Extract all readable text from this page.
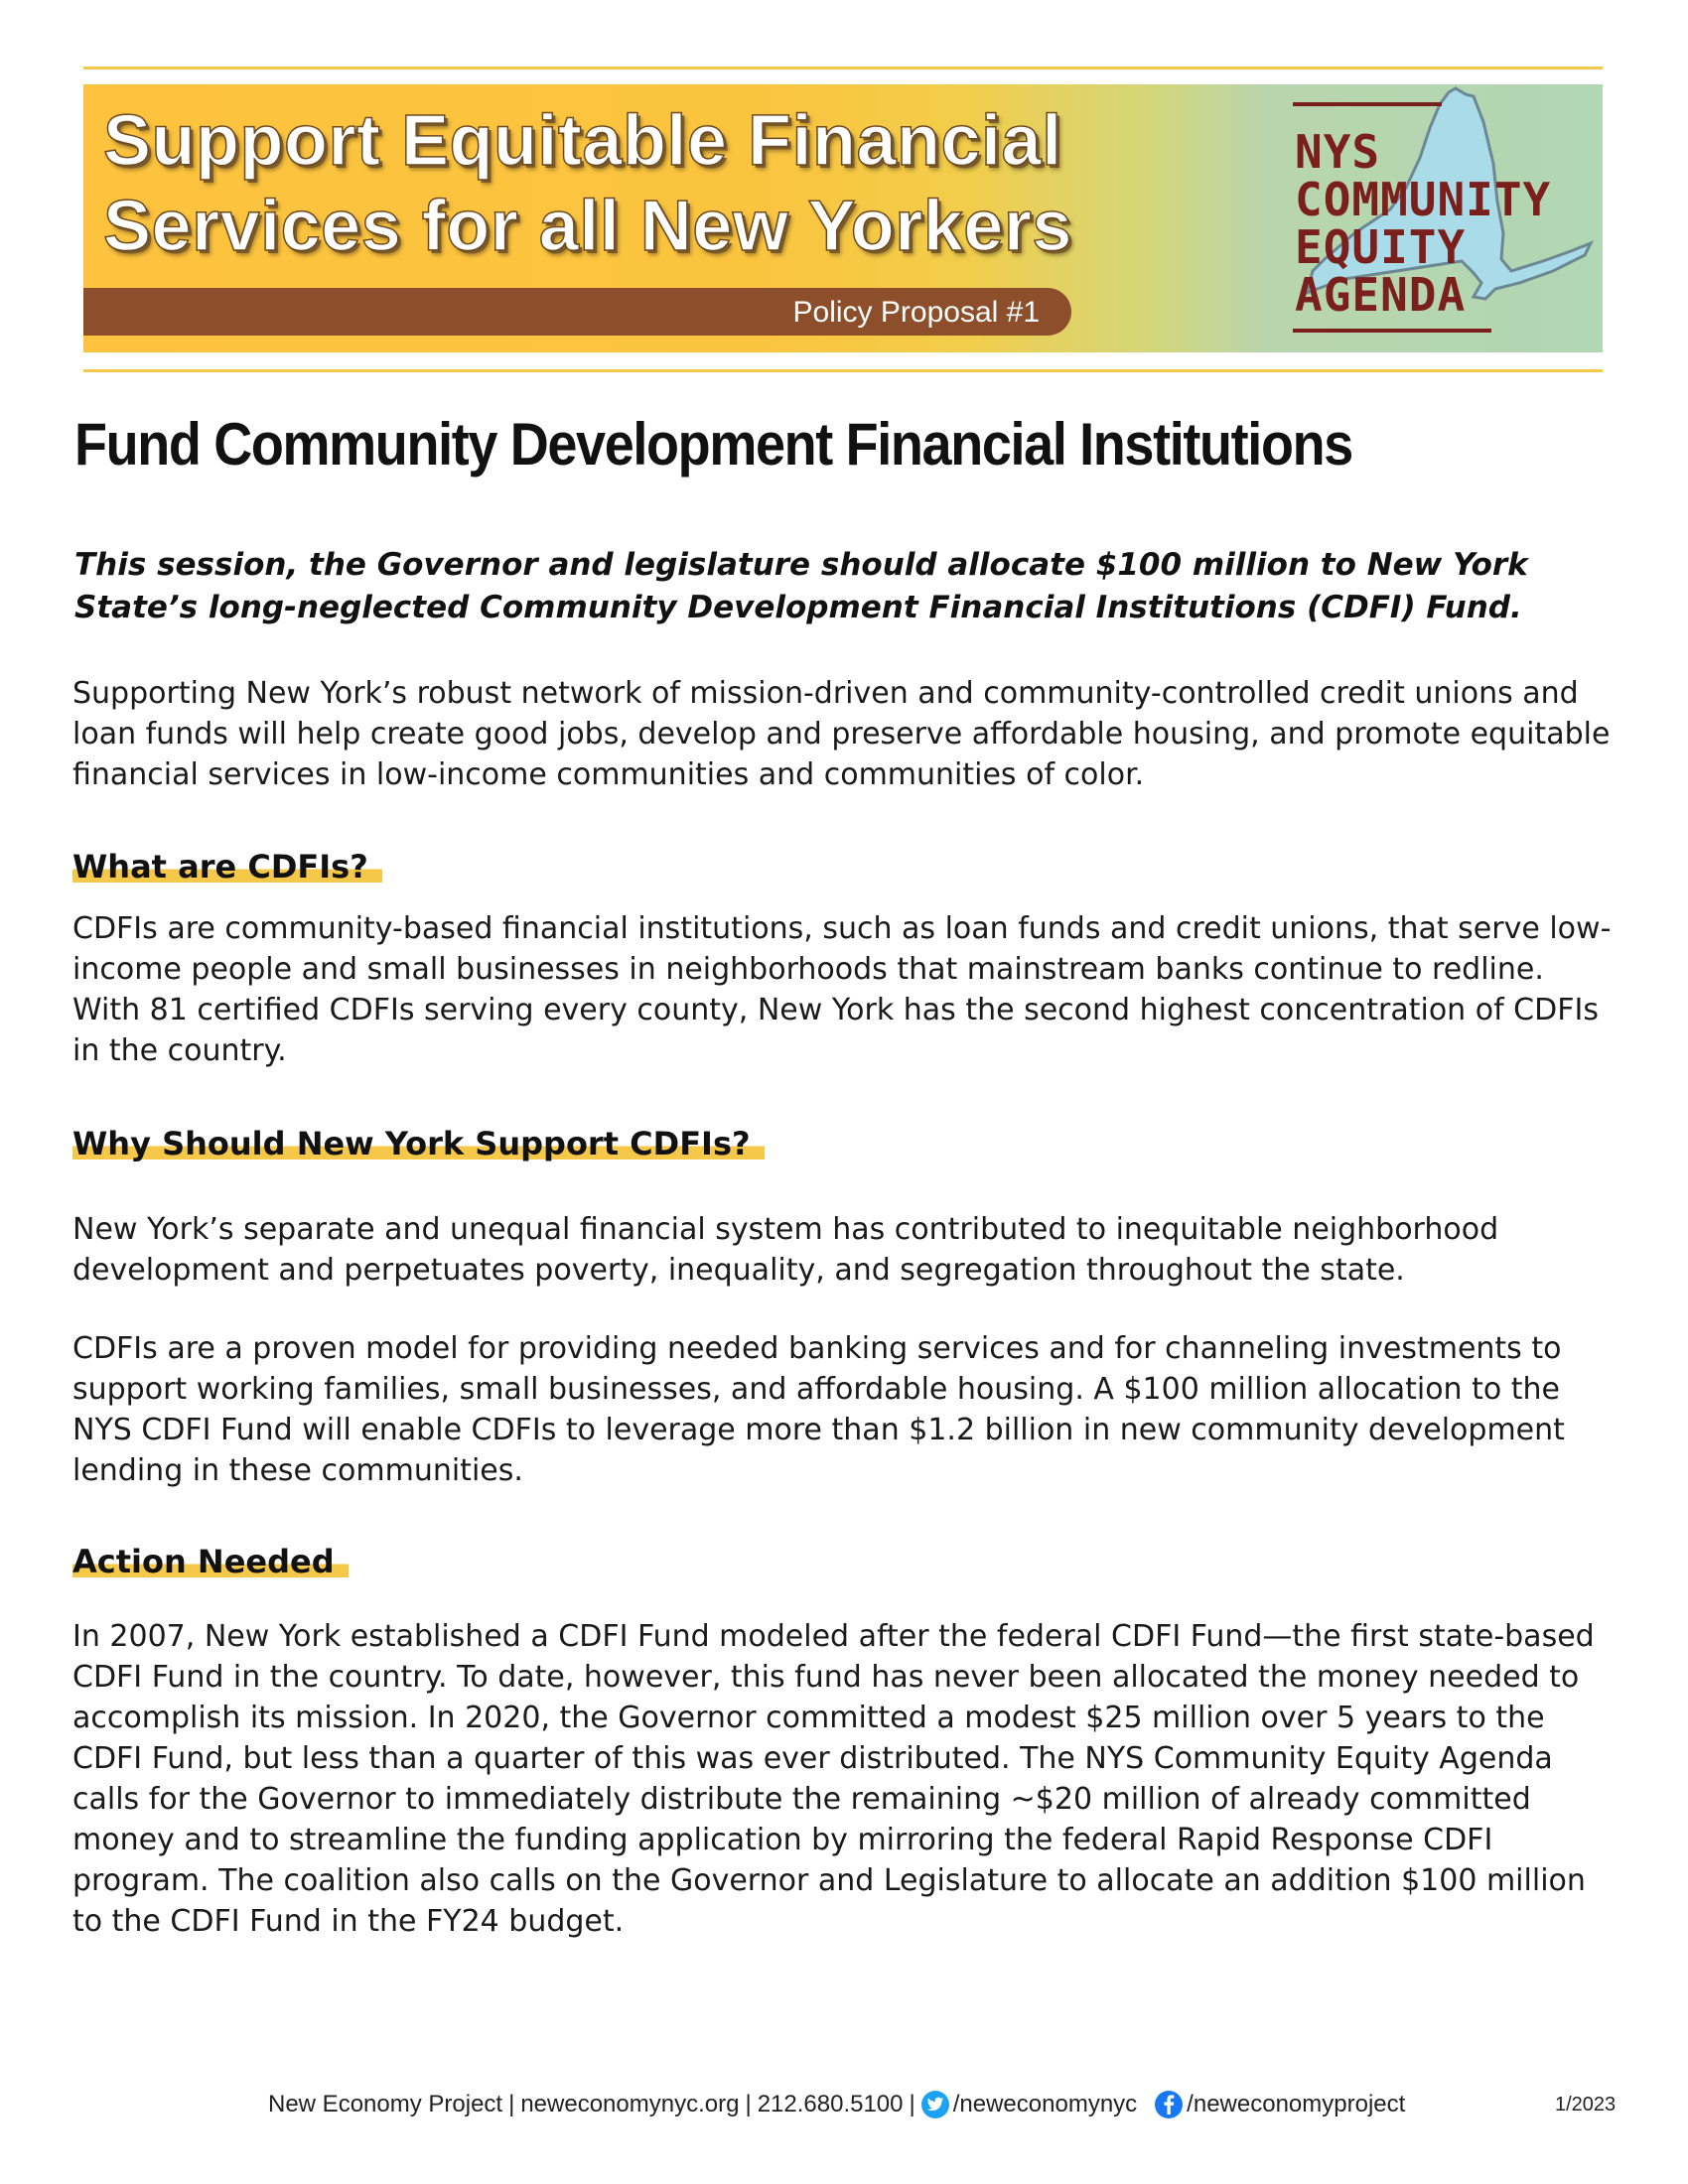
Support Equitable Financial
Services for all New Yorkers
Policy Proposal #1
NYS
COMMUNITY
EQUITY
AGENDA
Fund Community Development Financial Institutions

This session, the Governor and legislature should allocate $100 million to New York State’s long-neglected Community Development Financial Institutions (CDFI) Fund.

Supporting New York’s robust network of mission-driven and community-controlled credit unions and loan funds will help create good jobs, develop and preserve affordable housing, and promote equitable financial services in low-income communities and communities of color.

What are CDFIs?

CDFIs are community-based financial institutions, such as loan funds and credit unions, that serve low-income people and small businesses in neighborhoods that mainstream banks continue to redline. With 81 certified CDFIs serving every county, New York has the second highest concentration of CDFIs in the country.

Why Should New York Support CDFIs?

New York’s separate and unequal financial system has contributed to inequitable neighborhood development and perpetuates poverty, inequality, and segregation throughout the state.

CDFIs are a proven model for providing needed banking services and for channeling investments to support working families, small businesses, and affordable housing. A $100 million allocation to the NYS CDFI Fund will enable CDFIs to leverage more than $1.2 billion in new community development lending in these communities.

Action Needed

In 2007, New York established a CDFI Fund modeled after the federal CDFI Fund—the first state-based CDFI Fund in the country. To date, however, this fund has never been allocated the money needed to accomplish its mission. In 2020, the Governor committed a modest $25 million over 5 years to the CDFI Fund, but less than a quarter of this was ever distributed. The NYS Community Equity Agenda calls for the Governor to immediately distribute the remaining ~$20 million of already committed money and to streamline the funding application by mirroring the federal Rapid Response CDFI program. The coalition also calls on the Governor and Legislature to allocate an addition $100 million to the CDFI Fund in the FY24 budget.

New Economy Project | neweconomynyc.org | 212.680.5100 | /neweconomynyc /neweconomyproject	1/2023
